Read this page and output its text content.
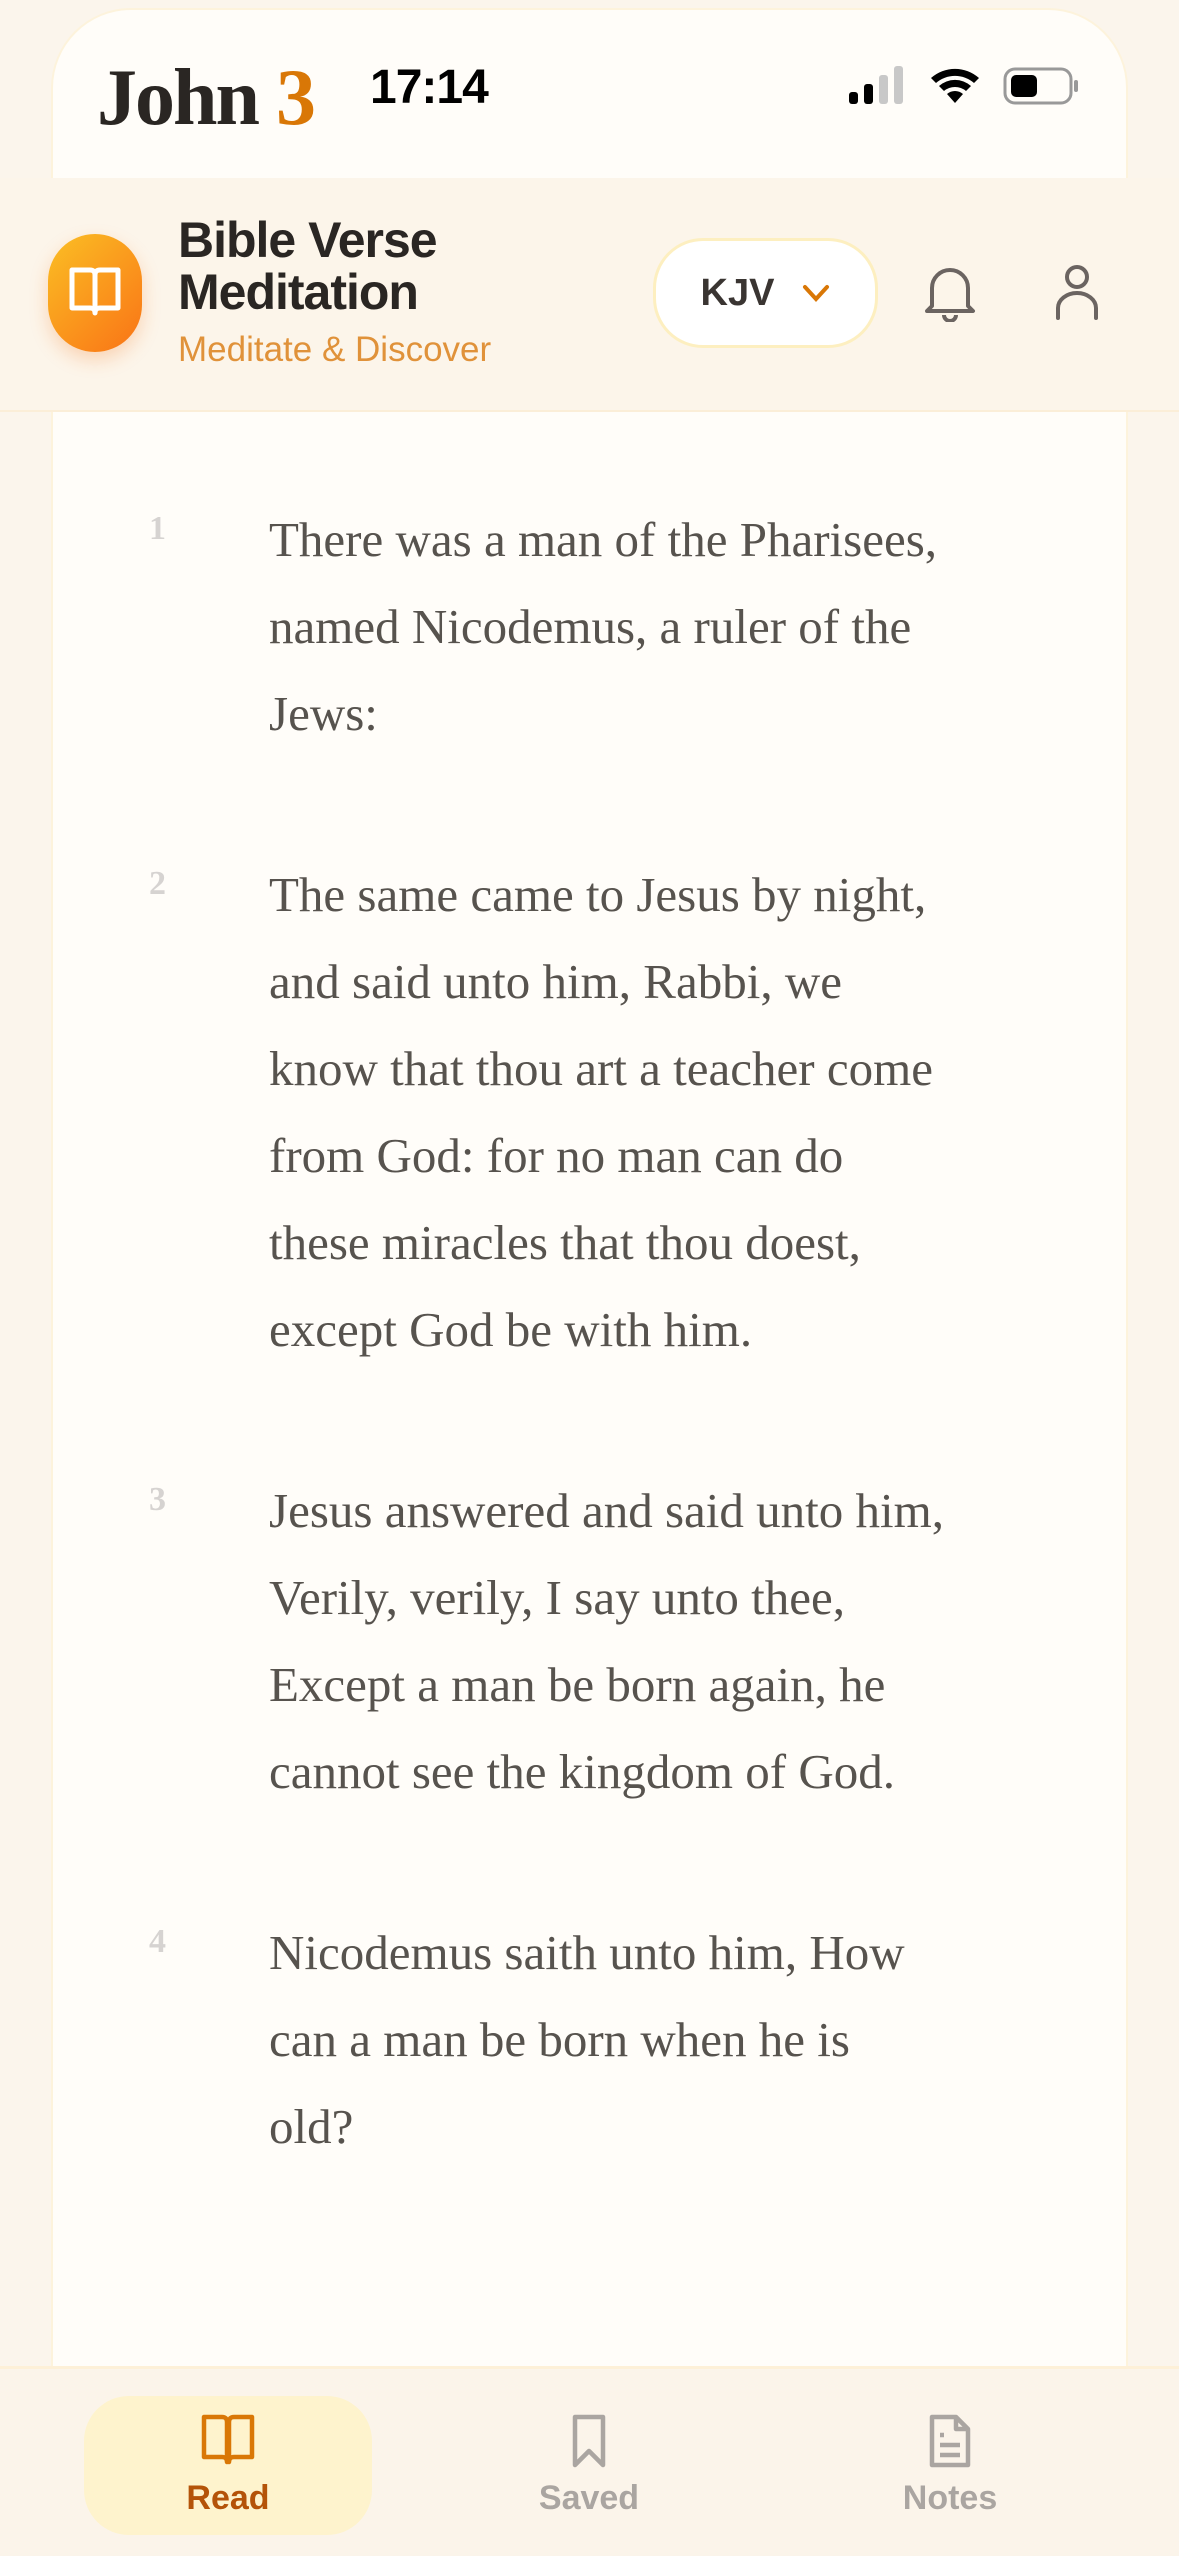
John 3 17:14
Bible Verse
Meditation
Meditate & Discover
KJV
1 There was a man of the Pharisees, named Nicodemus, a ruler of the Jews:

2 The same came to Jesus by night, and said unto him, Rabbi, we know that thou art a teacher come from God: for no man can do these miracles that thou doest, except God be with him.

3 Jesus answered and said unto him, Verily, verily, I say unto thee, Except a man be born again, he cannot see the kingdom of God.

4 Nicodemus saith unto him, How can a man be born when he is old?

Read	Saved	Notes
